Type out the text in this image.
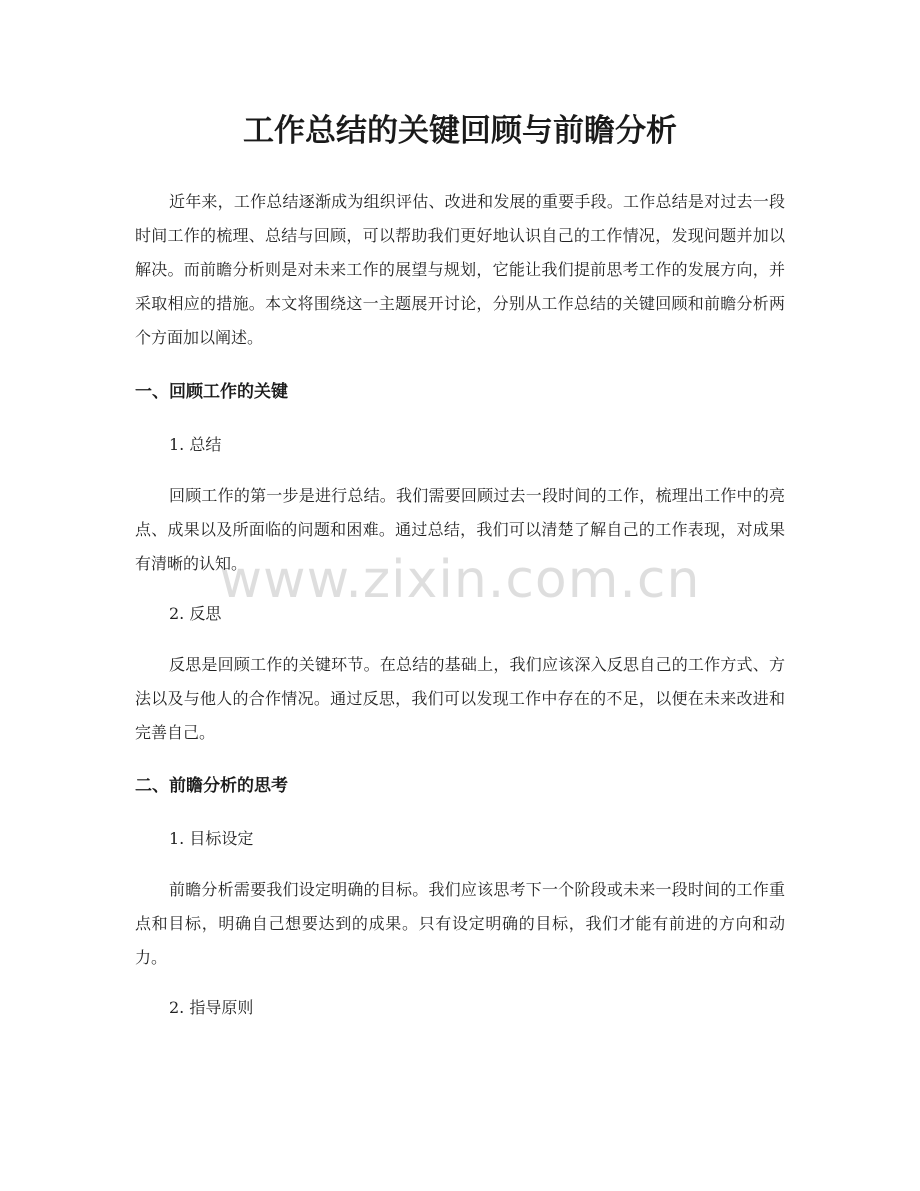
工作总结的关键回顾与前瞻分析

近年来，工作总结逐渐成为组织评估、改进和发展的重要手段。工作总结是对过去一段时间工作的梳理、总结与回顾，可以帮助我们更好地认识自己的工作情况，发现问题并加以解决。而前瞻分析则是对未来工作的展望与规划，它能让我们提前思考工作的发展方向，并采取相应的措施。本文将围绕这一主题展开讨论，分别从工作总结的关键回顾和前瞻分析两个方面加以阐述。

一、回顾工作的关键
1. 总结

回顾工作的第一步是进行总结。我们需要回顾过去一段时间的工作，梳理出工作中的亮点、成果以及所面临的问题和困难。通过总结，我们可以清楚了解自己的工作表现，对成果有清晰的认知。

2. 反思

反思是回顾工作的关键环节。在总结的基础上，我们应该深入反思自己的工作方式、方法以及与他人的合作情况。通过反思，我们可以发现工作中存在的不足，以便在未来改进和完善自己。

二、前瞻分析的思考
1. 目标设定

前瞻分析需要我们设定明确的目标。我们应该思考下一个阶段或未来一段时间的工作重点和目标，明确自己想要达到的成果。只有设定明确的目标，我们才能有前进的方向和动力。

2. 指导原则
www.zixin.com.cn
